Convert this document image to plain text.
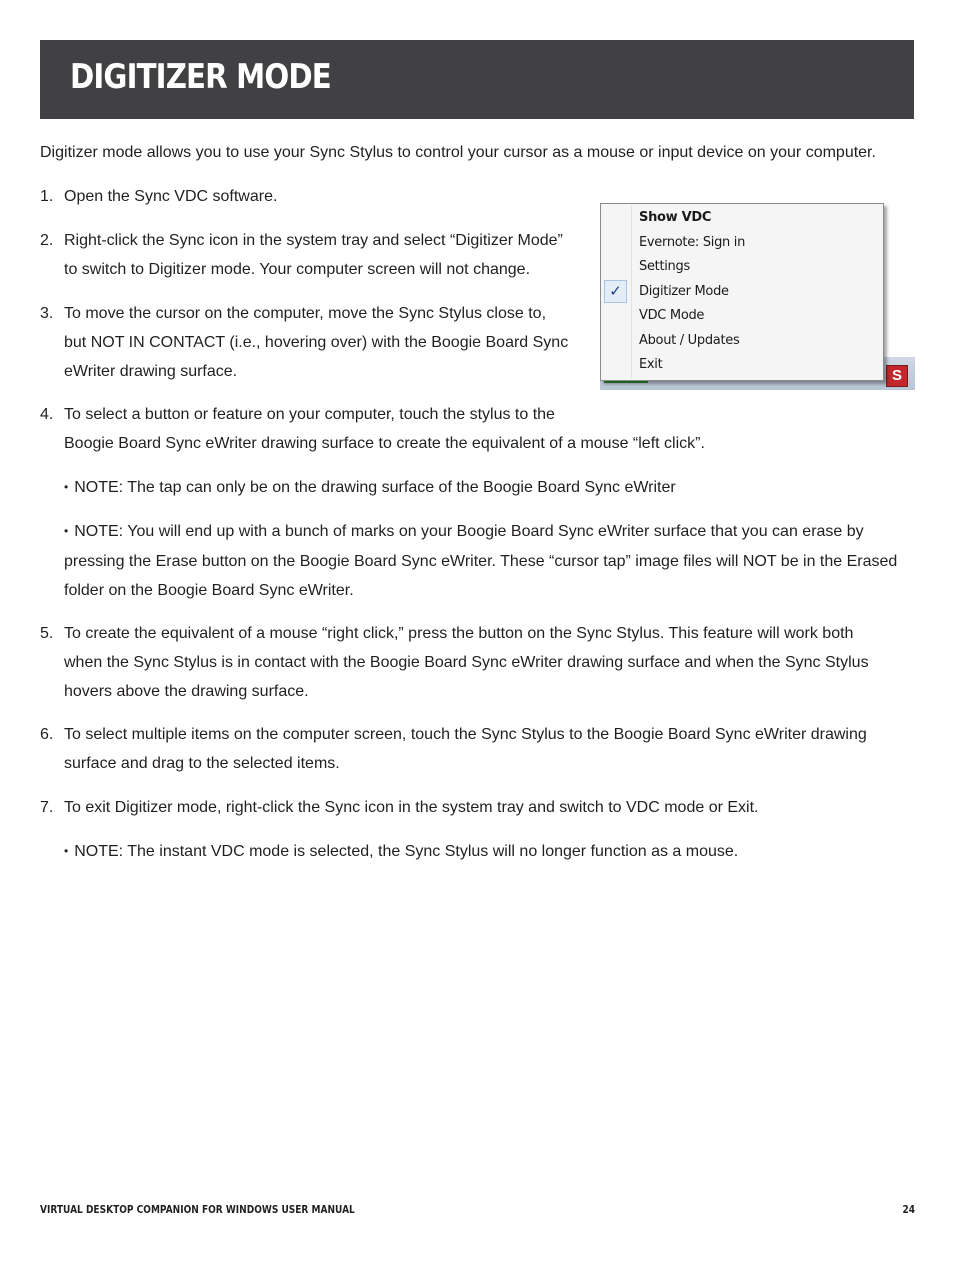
DIGITIZER MODE
Digitizer mode allows you to use your Sync Stylus to control your cursor as a mouse or input device on your computer.
1. Open the Sync VDC software.
2. Right-click the Sync icon in the system tray and select “Digitizer Mode”
to switch to Digitizer mode. Your computer screen will not change.
3. To move the cursor on the computer, move the Sync Stylus close to,
but NOT IN CONTACT (i.e., hovering over) with the Boogie Board Sync
eWriter drawing surface.
4. To select a button or feature on your computer, touch the stylus to the
Boogie Board Sync eWriter drawing surface to create the equivalent of a mouse “left click”.
• NOTE: The tap can only be on the drawing surface of the Boogie Board Sync eWriter
• NOTE: You will end up with a bunch of marks on your Boogie Board Sync eWriter surface that you can erase by
pressing the Erase button on the Boogie Board Sync eWriter. These “cursor tap” image files will NOT be in the Erased
folder on the Boogie Board Sync eWriter.
5. To create the equivalent of a mouse “right click,” press the button on the Sync Stylus. This feature will work both
when the Sync Stylus is in contact with the Boogie Board Sync eWriter drawing surface and when the Sync Stylus
hovers above the drawing surface.
6. To select multiple items on the computer screen, touch the Sync Stylus to the Boogie Board Sync eWriter drawing
surface and drag to the selected items.
7. To exit Digitizer mode, right-click the Sync icon in the system tray and switch to VDC mode or Exit.
• NOTE: The instant VDC mode is selected, the Sync Stylus will no longer function as a mouse.
S
✓
Show VDC
Evernote: Sign in
Settings
Digitizer Mode
VDC Mode
About / Updates
Exit
VIRTUAL DESKTOP COMPANION FOR WINDOWS USER MANUAL	24
